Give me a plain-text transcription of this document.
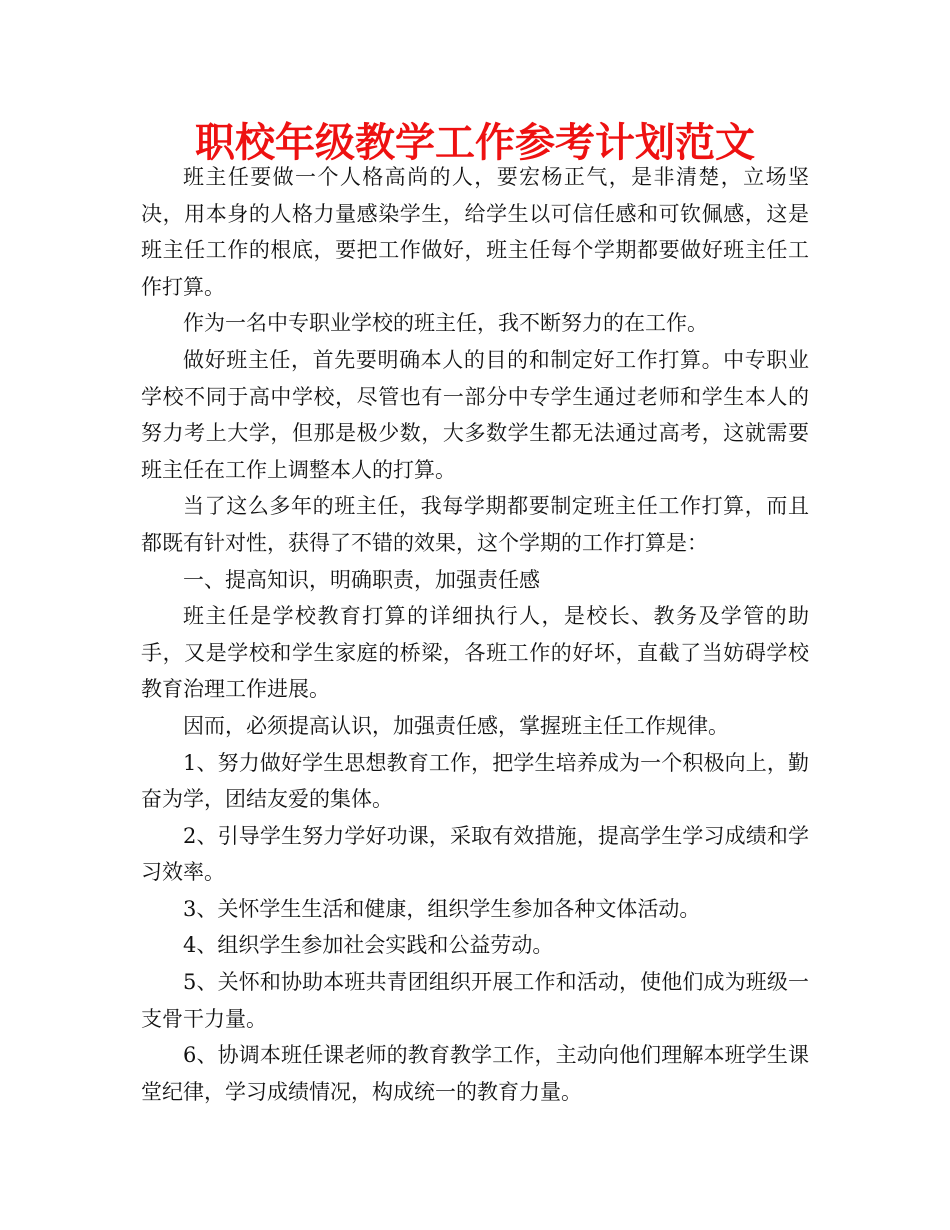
职校年级教学工作参考计划范文

班主任要做一个人格高尚的人，要宏杨正气，是非清楚，立场坚决，用本身的人格力量感染学生，给学生以可信任感和可钦佩感，这是班主任工作的根底，要把工作做好，班主任每个学期都要做好班主任工作打算。

作为一名中专职业学校的班主任，我不断努力的在工作。

做好班主任，首先要明确本人的目的和制定好工作打算。中专职业学校不同于高中学校，尽管也有一部分中专学生通过老师和学生本人的努力考上大学，但那是极少数，大多数学生都无法通过高考，这就需要班主任在工作上调整本人的打算。

当了这么多年的班主任，我每学期都要制定班主任工作打算，而且都既有针对性，获得了不错的效果，这个学期的工作打算是：

一、提高知识，明确职责，加强责任感

班主任是学校教育打算的详细执行人，是校长、教务及学管的助手，又是学校和学生家庭的桥梁，各班工作的好坏，直截了当妨碍学校教育治理工作进展。

因而，必须提高认识，加强责任感，掌握班主任工作规律。

1、努力做好学生思想教育工作，把学生培养成为一个积极向上，勤奋为学，团结友爱的集体。

2、引导学生努力学好功课，采取有效措施，提高学生学习成绩和学习效率。

3、关怀学生生活和健康，组织学生参加各种文体活动。

4、组织学生参加社会实践和公益劳动。

5、关怀和协助本班共青团组织开展工作和活动，使他们成为班级一支骨干力量。

6、协调本班任课老师的教育教学工作，主动向他们理解本班学生课堂纪律，学习成绩情况，构成统一的教育力量。
